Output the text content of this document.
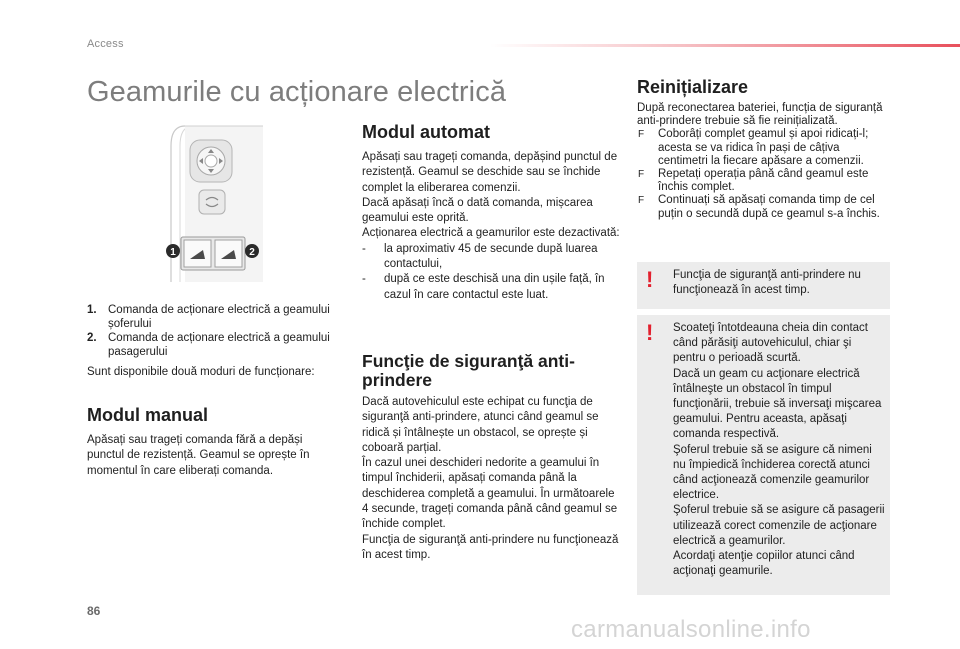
Access
Geamurile cu acționare electrică
1	2
1. Comanda de acționare electrică a geamului șoferului
2. Comanda de acționare electrică a geamului pasagerului

Sunt disponibile două moduri de funcționare:

Modul manual

Apăsați sau trageți comanda fără a depăși punctul de rezistență. Geamul se oprește în momentul în care eliberați comanda.

Modul automat

Apăsați sau trageți comanda, depășind punctul de rezistență. Geamul se deschide sau se închide complet la eliberarea comenzii.

Dacă apăsați încă o dată comanda, mișcarea geamului este oprită.

Acționarea electrică a geamurilor este dezactivată:

- la aproximativ 45 de secunde după luarea contactului,
- după ce este deschisă una din ușile față, în cazul în care contactul este luat.
Funcţie de siguranţă anti-prindere

Dacă autovehiculul este echipat cu funcţia de siguranţă anti-prindere, atunci când geamul se ridică și întâlnește un obstacol, se oprește și coboară parțial.

În cazul unei deschideri nedorite a geamului în timpul închiderii, apăsați comanda până la deschiderea completă a geamului. În următoarele 4 secunde, trageți comanda până când geamul se închide complet.

Funcţia de siguranţă anti-prindere nu funcţionează în acest timp.

Reinițializare

După reconectarea bateriei, funcția de siguranță anti-prindere trebuie să fie reinițializată.

F Coborâți complet geamul și apoi ridicați-l; acesta se va ridica în pași de câțiva centimetri la fiecare apăsare a comenzii.
F Repetați operația până când geamul este închis complet.
F Continuați să apăsați comanda timp de cel puțin o secundă după ce geamul s-a închis.
! Funcţia de siguranţă anti-prindere nu funcţionează în acest timp.

! Scoateţi întotdeauna cheia din contact când părăsiţi autovehiculul, chiar şi pentru o perioadă scurtă.

Dacă un geam cu acţionare electrică întâlneşte un obstacol în timpul funcţionării, trebuie să inversaţi mişcarea geamului. Pentru aceasta, apăsaţi comanda respectivă.

Şoferul trebuie să se asigure că nimeni nu împiedică închiderea corectă atunci când acţionează comenzile geamurilor electrice.

Şoferul trebuie să se asigure că pasagerii utilizează corect comenzile de acţionare electrică a geamurilor.

Acordaţi atenţie copiilor atunci când acţionaţi geamurile.

86
carmanualsonline.info
